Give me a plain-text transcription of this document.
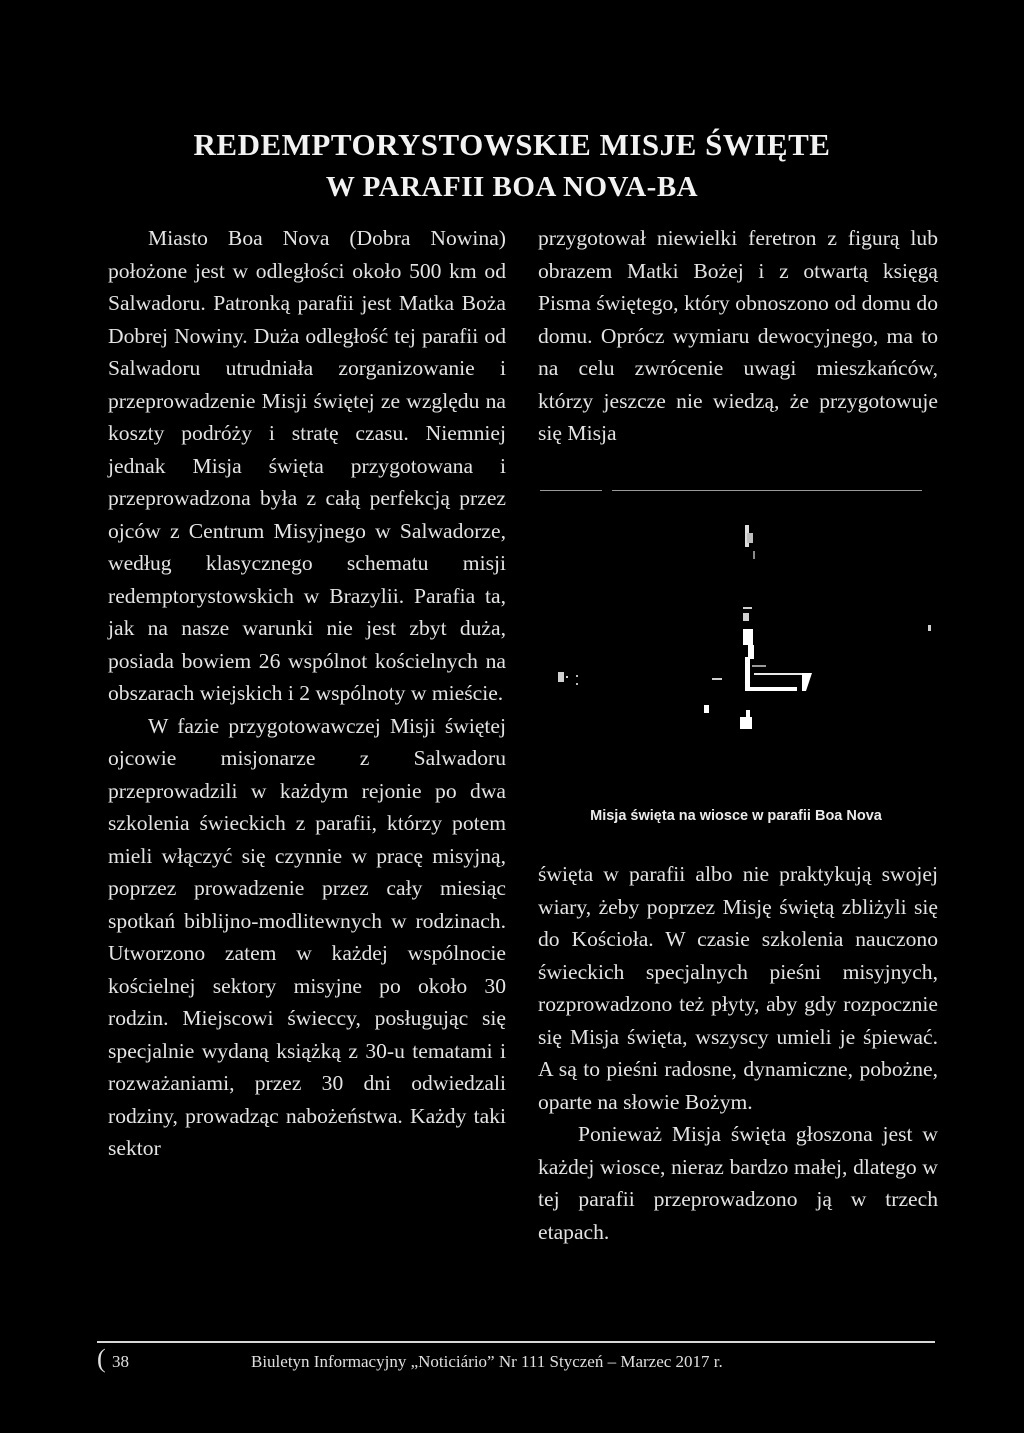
REDEMPTORYSTOWSKIE MISJE ŚWIĘTE
W PARAFII BOA NOVA-BA

Miasto Boa Nova (Dobra Nowina) położone jest w odległości około 500 km od Salwadoru. Patronką parafii jest Matka Boża Dobrej Nowiny. Duża odległość tej parafii od Salwadoru utrudniała zorganizowanie i przeprowadzenie Misji świętej ze względu na koszty podróży i stratę czasu. Niemniej jednak Misja święta przygotowana i przeprowadzona była z całą perfekcją przez ojców z Centrum Misyjnego w Salwadorze, według klasycznego schematu misji redemptorystowskich w Brazylii. Parafia ta, jak na nasze warunki nie jest zbyt duża, posiada bowiem 26 wspólnot kościelnych na obszarach wiejskich i 2 wspólnoty w mieście.

W fazie przygotowawczej Misji świętej ojcowie misjonarze z Salwadoru przeprowadzili w każdym rejonie po dwa szkolenia świeckich z parafii, którzy potem mieli włączyć się czynnie w pracę misyjną, poprzez prowadzenie przez cały miesiąc spotkań biblijno-modlitewnych w rodzinach. Utworzono zatem w każdej wspólnocie kościelnej sektory misyjne po około 30 rodzin. Miejscowi świeccy, posługując się specjalnie wydaną książką z 30-u tematami i rozważaniami, przez 30 dni odwiedzali rodziny, prowadząc nabożeństwa. Każdy taki sektor

przygotował niewielki feretron z figurą lub obrazem Matki Bożej i z otwartą księgą Pisma świętego, który obnoszono od domu do domu. Oprócz wymiaru dewocyjnego, ma to na celu zwrócenie uwagi mieszkańców, którzy jeszcze nie wiedzą, że przygotowuje się Misja

Misja święta na wiosce w parafii Boa Nova

święta w parafii albo nie praktykują swojej wiary, żeby poprzez Misję świętą zbliżyli się do Kościoła. W czasie szkolenia nauczono świeckich specjalnych pieśni misyjnych, rozprowadzono też płyty, aby gdy rozpocznie się Misja święta, wszyscy umieli je śpiewać. A są to pieśni radosne, dynamiczne, pobożne, oparte na słowie Bożym.

Ponieważ Misja święta głoszona jest w każdej wiosce, nieraz bardzo małej, dlatego w tej parafii przeprowadzono ją w trzech etapach.

( 38	Biuletyn Informacyjny „Noticiário” Nr 111 Styczeń – Marzec 2017 r.
